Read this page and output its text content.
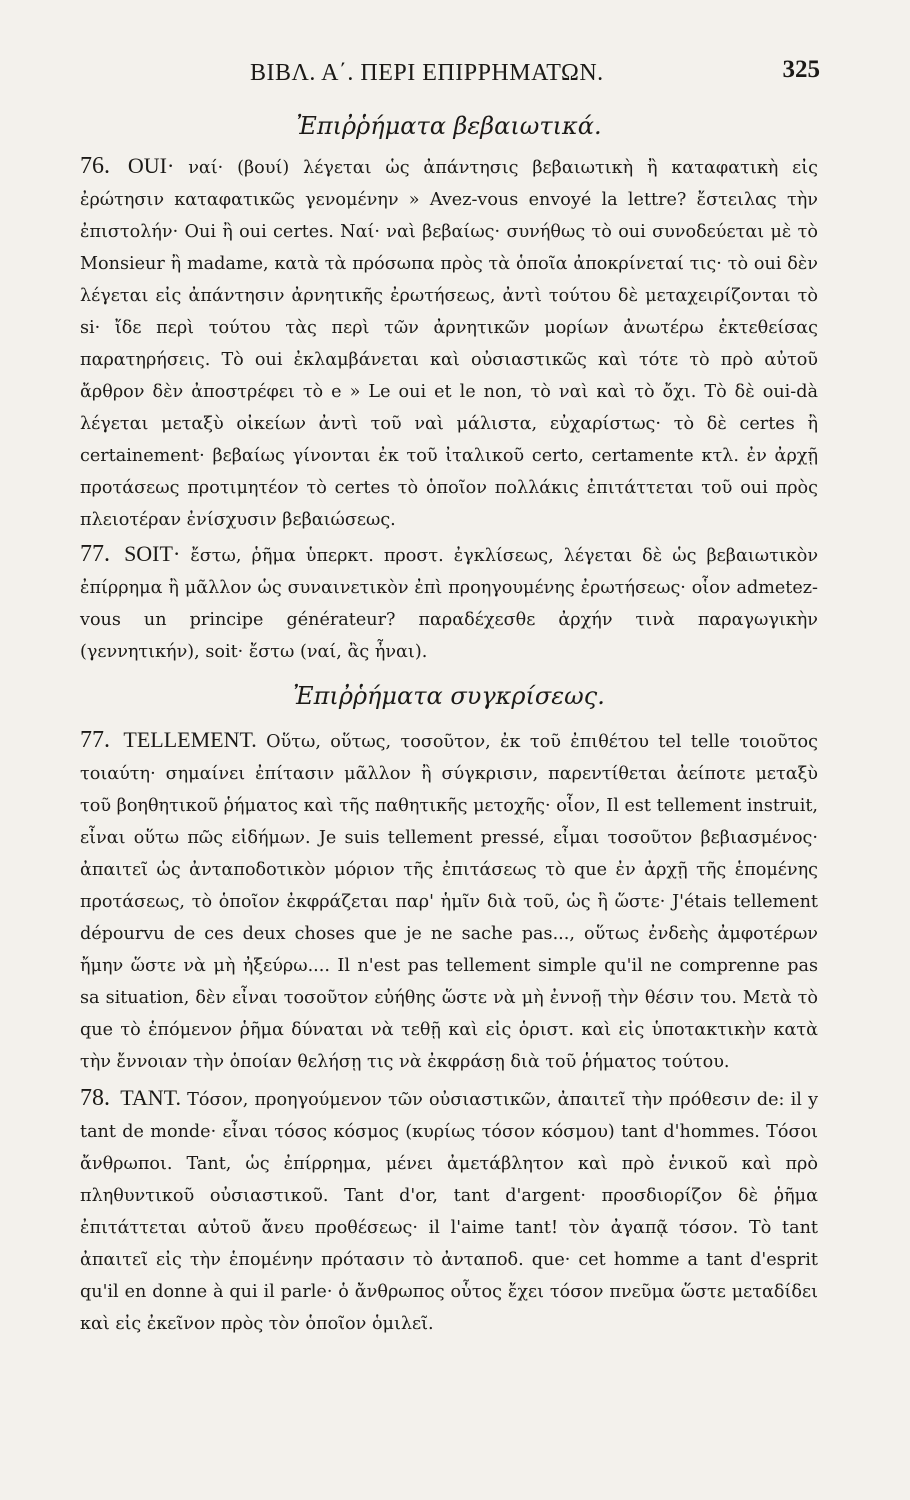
ΒΙΒΛ. Α΄. ΠΕΡΙ ΕΠΙΡΡΗΜΑΤΩΝ.	325
Ἐπιῤῥήματα βεβαιωτικά.

76. OUI· ναί· (βουί) λέγεται ὡς ἀπάντησις βεβαιωτικὴ ἢ καταφατικὴ εἰς ἐρώτησιν καταφατικῶς γενομένην » Avez-vous envoyé la lettre? ἔστειλας τὴν ἐπιστολήν· Oui ἢ oui certes. Ναί· ναὶ βεβαίως· συνήθως τὸ oui συνοδεύεται μὲ τὸ Monsieur ἢ madame, κατὰ τὰ πρόσωπα πρὸς τὰ ὁποῖα ἀποκρίνεταί τις· τὸ oui δὲν λέγεται εἰς ἀπάντησιν ἀρνητικῆς ἐρωτήσεως, ἀντὶ τούτου δὲ μεταχειρίζονται τὸ si· ἴδε περὶ τούτου τὰς περὶ τῶν ἀρνητικῶν μορίων ἀνωτέρω ἐκτεθείσας παρατηρήσεις. Τὸ oui ἐκλαμβάνεται καὶ οὐσιαστικῶς καὶ τότε τὸ πρὸ αὐτοῦ ἄρθρον δὲν ἀποστρέφει τὸ e » Le oui et le non, τὸ ναὶ καὶ τὸ ὄχι. Τὸ δὲ oui-dà λέγεται μεταξὺ οἰκείων ἀντὶ τοῦ ναὶ μάλιστα, εὐχαρίστως· τὸ δὲ certes ἢ certainement· βεβαίως γίνονται ἐκ τοῦ ἰταλικοῦ certo, certamente κτλ. ἐν ἀρχῇ προτάσεως προτιμητέον τὸ certes τὸ ὁποῖον πολλάκις ἐπιτάττεται τοῦ oui πρὸς πλειοτέραν ἐνίσχυσιν βεβαιώσεως.

77. SOIT· ἔστω, ῥῆμα ὑπερκτ. προστ. ἐγκλίσεως, λέγεται δὲ ὡς βεβαιωτικὸν ἐπίρρημα ἢ μᾶλλον ὡς συναινετικὸν ἐπὶ προηγουμένης ἐρωτήσεως· οἷον admetez-vous un principe générateur? παραδέχεσθε ἀρχήν τινὰ παραγωγικὴν (γεννητικήν), soit· ἔστω (ναί, ἂς ἦναι).

Ἐπιῤῥήματα συγκρίσεως.

77. TELLEMENT. Οὕτω, οὕτως, τοσοῦτον, ἐκ τοῦ ἐπιθέτου tel telle τοιοῦτος τοιαύτη· σημαίνει ἐπίτασιν μᾶλλον ἢ σύγκρισιν, παρεντίθεται ἀείποτε μεταξὺ τοῦ βοηθητικοῦ ῥήματος καὶ τῆς παθητικῆς μετοχῆς· οἷον, Il est tellement instruit, εἶναι οὕτω πῶς εἰδήμων. Je suis tellement pressé, εἶμαι τοσοῦτον βεβιασμένος· ἀπαιτεῖ ὡς ἀνταποδοτικὸν μόριον τῆς ἐπιτάσεως τὸ que ἐν ἀρχῇ τῆς ἑπομένης προτάσεως, τὸ ὁποῖον ἐκφράζεται παρ' ἡμῖν διὰ τοῦ, ὡς ἢ ὥστε· J'étais tellement dépourvu de ces deux choses que je ne sache pas..., οὕτως ἐνδεὴς ἀμφοτέρων ἤμην ὥστε νὰ μὴ ἠξεύρω.... Il n'est pas tellement simple qu'il ne comprenne pas sa situation, δὲν εἶναι τοσοῦτον εὐήθης ὥστε νὰ μὴ ἐννοῇ τὴν θέσιν του. Μετὰ τὸ que τὸ ἑπόμενον ῥῆμα δύναται νὰ τεθῇ καὶ εἰς ὁριστ. καὶ εἰς ὑποτακτικὴν κατὰ τὴν ἔννοιαν τὴν ὁποίαν θελήσῃ τις νὰ ἐκφράσῃ διὰ τοῦ ῥήματος τούτου.

78. TANT. Τόσον, προηγούμενον τῶν οὐσιαστικῶν, ἀπαιτεῖ τὴν πρόθεσιν de: il y tant de monde· εἶναι τόσος κόσμος (κυρίως τόσον κόσμου) tant d'hommes. Τόσοι ἄνθρωποι. Tant, ὡς ἐπίρρημα, μένει ἀμετάβλητον καὶ πρὸ ἑνικοῦ καὶ πρὸ πληθυντικοῦ οὐσιαστικοῦ. Tant d'or, tant d'argent· προσδιορίζον δὲ ῥῆμα ἐπιτάττεται αὐτοῦ ἄνευ προθέσεως· il l'aime tant! τὸν ἀγαπᾷ τόσον. Τὸ tant ἀπαιτεῖ εἰς τὴν ἑπομένην πρότασιν τὸ ἀνταποδ. que· cet homme a tant d'esprit qu'il en donne à qui il parle· ὁ ἄνθρωπος οὗτος ἔχει τόσον πνεῦμα ὥστε μεταδίδει καὶ εἰς ἐκεῖνον πρὸς τὸν ὁποῖον ὁμιλεῖ.
